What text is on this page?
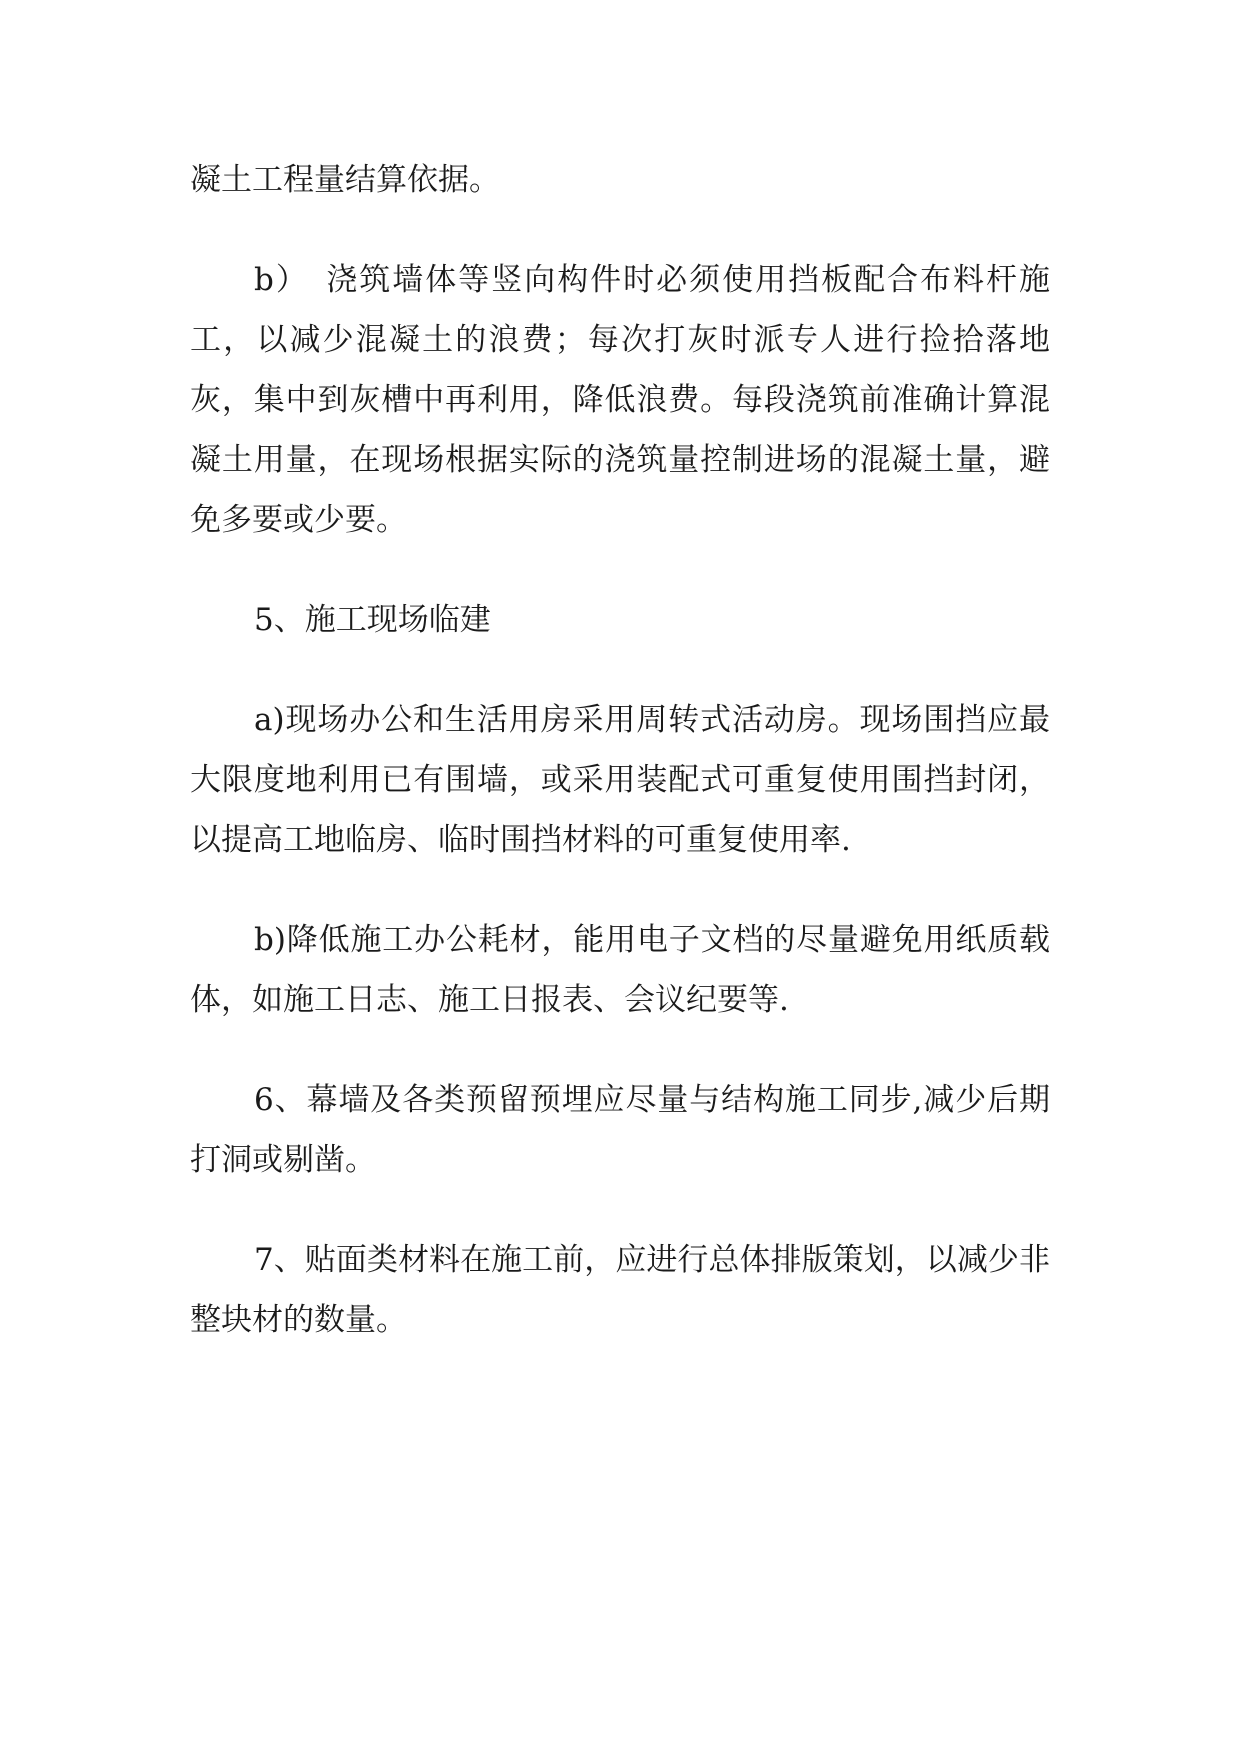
凝土工程量结算依据。

b）　浇筑墙体等竖向构件时必须使用挡板配合布料杆施工，以减少混凝土的浪费；每次打灰时派专人进行捡拾落地灰，集中到灰槽中再利用，降低浪费。每段浇筑前准确计算混凝土用量，在现场根据实际的浇筑量控制进场的混凝土量，避免多要或少要。

5、施工现场临建

a)现场办公和生活用房采用周转式活动房。现场围挡应最大限度地利用已有围墙，或采用装配式可重复使用围挡封闭，以提高工地临房、临时围挡材料的可重复使用率.

b)降低施工办公耗材，能用电子文档的尽量避免用纸质载体，如施工日志、施工日报表、会议纪要等.

6、幕墙及各类预留预埋应尽量与结构施工同步,减少后期打洞或剔凿。

7、贴面类材料在施工前，应进行总体排版策划，以减少非整块材的数量。
